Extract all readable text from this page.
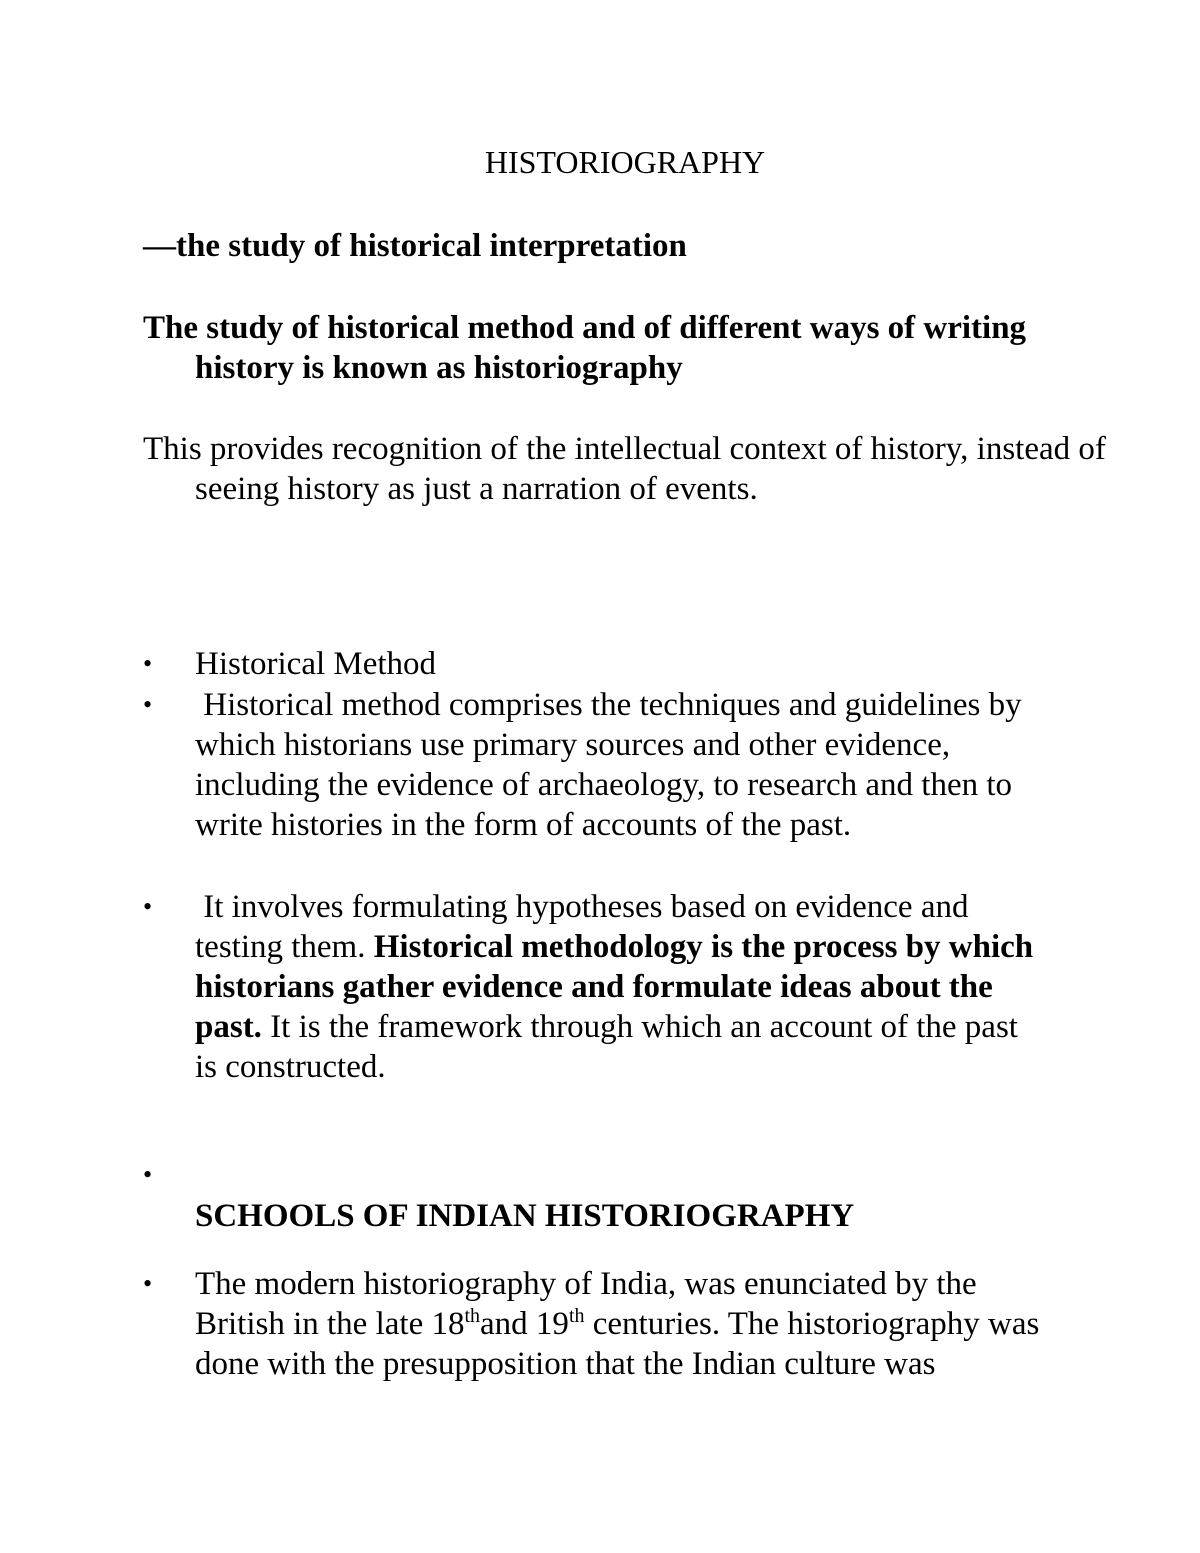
HISTORIOGRAPHY
—the study of historical interpretation
The study of historical method and of different ways of writing history is known as historiography
This provides recognition of the intellectual context of history, instead of seeing history as just a narration of events.
•	Historical Method
•	Historical method comprises the techniques and guidelines by which historians use primary sources and other evidence, including the evidence of archaeology, to research and then to write histories in the form of accounts of the past.
•	It involves formulating hypotheses based on evidence and testing them. Historical methodology is the process by which historians gather evidence and formulate ideas about the past. It is the framework through which an account of the past is constructed.
•
SCHOOLS OF INDIAN HISTORIOGRAPHY
•	The modern historiography of India, was enunciated by the British in the late 18thand 19th centuries. The historiography was done with the presupposition that the Indian culture was
